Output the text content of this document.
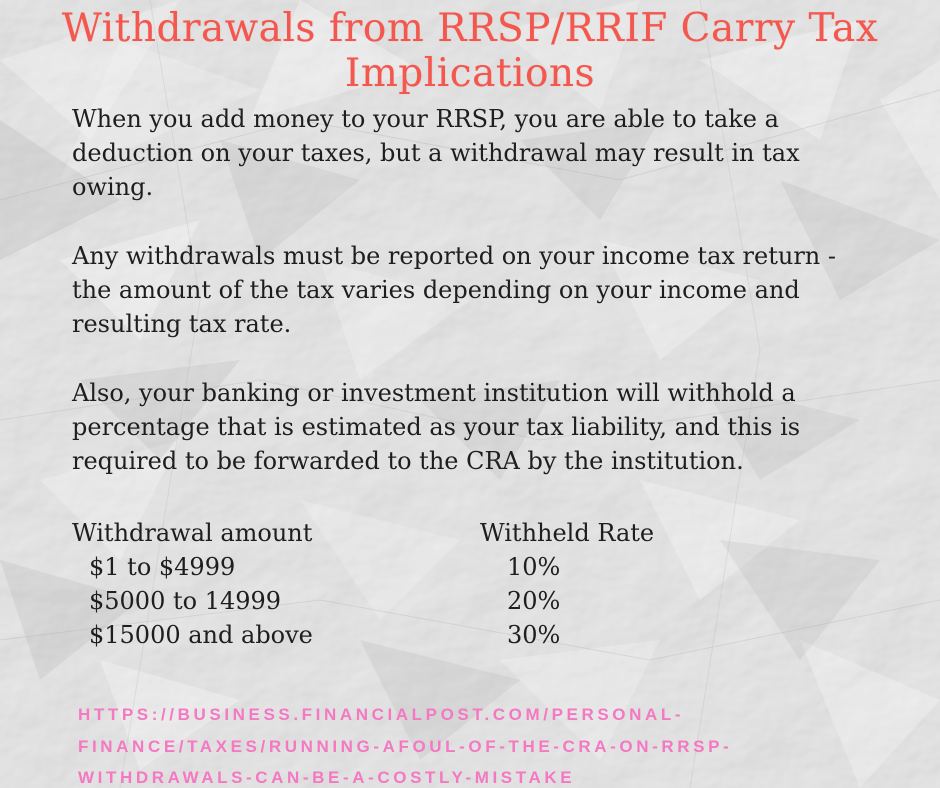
Withdrawals from RRSP/RRIF Carry Tax Implications

When you add money to your RRSP, you are able to take a
deduction on your taxes, but a withdrawal may result in tax
owing.

Any withdrawals must be reported on your income tax return -
the amount of the tax varies depending on your income and
resulting tax rate.

Also, your banking or investment institution will withhold a
percentage that is estimated as your tax liability, and this is
required to be forwarded to the CRA by the institution.

Withdrawal amount	Withheld Rate
$1 to $4999	10%
$5000 to 14999	20%
$15000 and above	30%
HTTPS://BUSINESS.FINANCIALPOST.COM/PERSONAL-
FINANCE/TAXES/RUNNING-AFOUL-OF-THE-CRA-ON-RRSP-
WITHDRAWALS-CAN-BE-A-COSTLY-MISTAKE
